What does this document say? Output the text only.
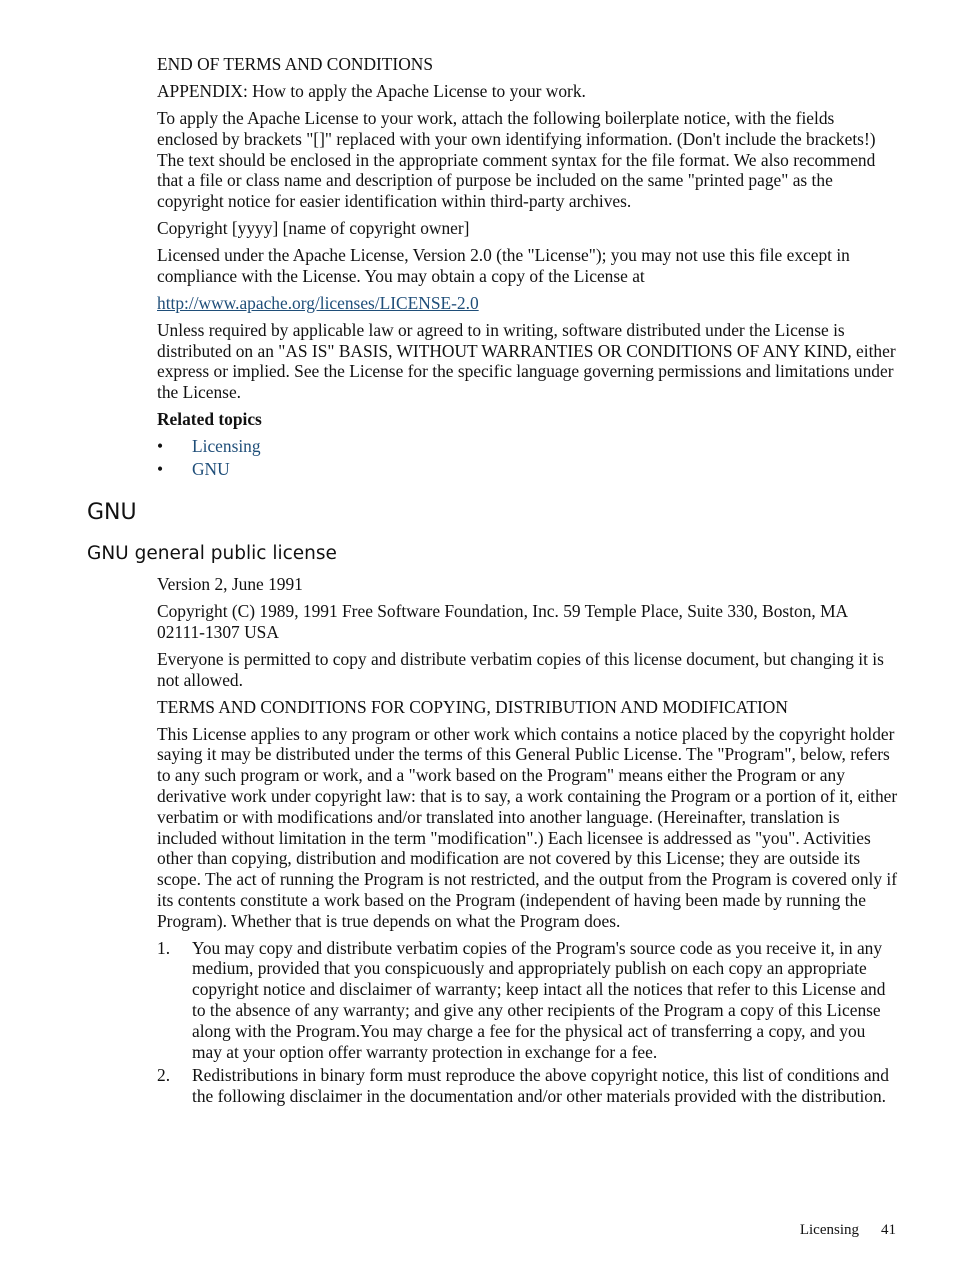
END OF TERMS AND CONDITIONS

APPENDIX: How to apply the Apache License to your work.

To apply the Apache License to your work, attach the following boilerplate notice, with the fields enclosed by brackets "[]" replaced with your own identifying information. (Don't include the brackets!) The text should be enclosed in the appropriate comment syntax for the file format. We also recommend that a file or class name and description of purpose be included on the same "printed page" as the copyright notice for easier identification within third-party archives.

Copyright [yyyy] [name of copyright owner]

Licensed under the Apache License, Version 2.0 (the "License"); you may not use this file except in compliance with the License. You may obtain a copy of the License at

http://www.apache.org/licenses/LICENSE-2.0

Unless required by applicable law or agreed to in writing, software distributed under the License is distributed on an "AS IS" BASIS, WITHOUT WARRANTIES OR CONDITIONS OF ANY KIND, either express or implied. See the License for the specific language governing permissions and limitations under the License.

Related topics

• Licensing
• GNU
GNU
GNU general public license

Version 2, June 1991

Copyright (C) 1989, 1991 Free Software Foundation, Inc. 59 Temple Place, Suite 330, Boston, MA 02111-1307 USA

Everyone is permitted to copy and distribute verbatim copies of this license document, but changing it is not allowed.

TERMS AND CONDITIONS FOR COPYING, DISTRIBUTION AND MODIFICATION

This License applies to any program or other work which contains a notice placed by the copyright holder saying it may be distributed under the terms of this General Public License. The "Program", below, refers to any such program or work, and a "work based on the Program" means either the Program or any derivative work under copyright law: that is to say, a work containing the Program or a portion of it, either verbatim or with modifications and/or translated into another language. (Hereinafter, translation is included without limitation in the term "modification".) Each licensee is addressed as "you". Activities other than copying, distribution and modification are not covered by this License; they are outside its scope. The act of running the Program is not restricted, and the output from the Program is covered only if its contents constitute a work based on the Program (independent of having been made by running the Program). Whether that is true depends on what the Program does.

1. You may copy and distribute verbatim copies of the Program's source code as you receive it, in any medium, provided that you conspicuously and appropriately publish on each copy an appropriate copyright notice and disclaimer of warranty; keep intact all the notices that refer to this License and to the absence of any warranty; and give any other recipients of the Program a copy of this License along with the Program.You may charge a fee for the physical act of transferring a copy, and you may at your option offer warranty protection in exchange for a fee.
2. Redistributions in binary form must reproduce the above copyright notice, this list of conditions and the following disclaimer in the documentation and/or other materials provided with the distribution.
Licensing 41
